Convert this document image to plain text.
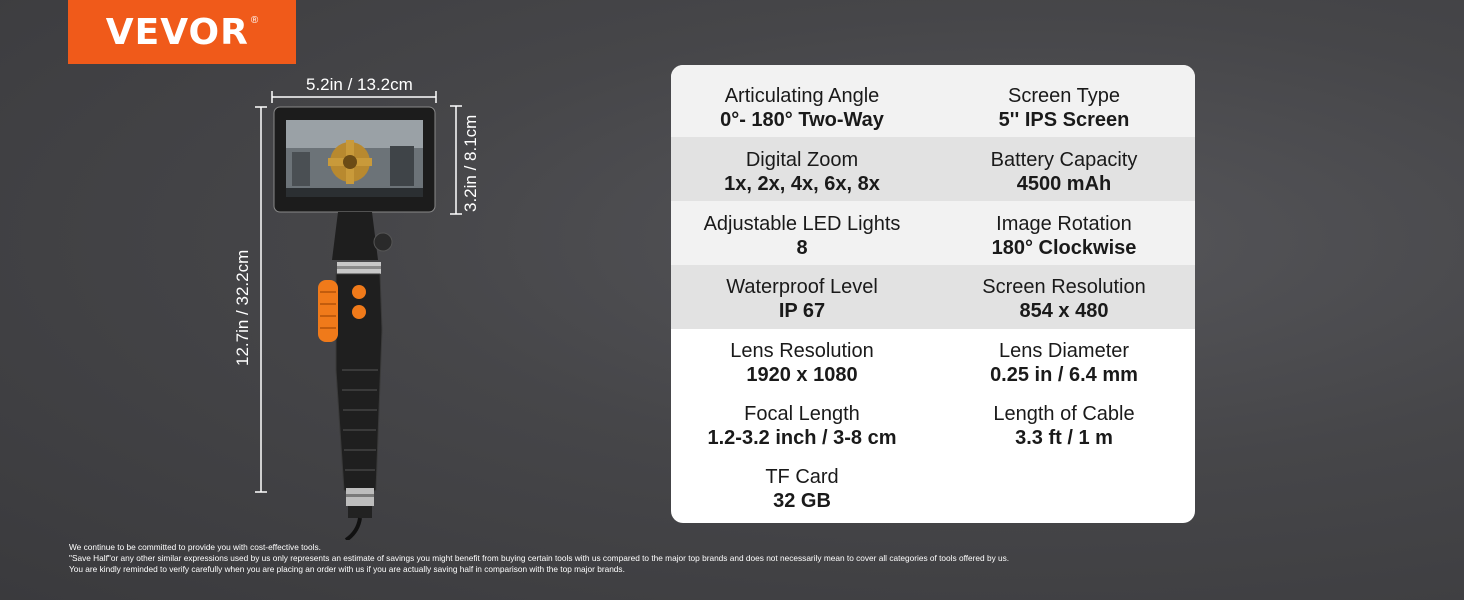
VEVOR ®
5.2in / 13.2cm
3.2in / 8.1cm
12.7in / 32.2cm
Articulating Angle
0°- 180° Two-Way
Screen Type
5'' IPS Screen
Digital Zoom
1x, 2x, 4x, 6x, 8x
Battery Capacity
4500 mAh
Adjustable LED Lights
8
Image Rotation
180° Clockwise
Waterproof Level
IP 67
Screen Resolution
854 x 480
Lens Resolution
1920 x 1080
Lens Diameter
0.25 in / 6.4 mm
Focal Length
1.2-3.2 inch / 3-8 cm
Length of Cable
3.3 ft / 1 m
TF Card
32 GB
We continue to be committed to provide you with cost-effective tools.
"Save Half"or any other similar expressions used by us only represents an estimate of savings you might benefit from buying certain tools with us compared to the major top brands and does not necessarily mean to cover all categories of tools offered by us.
You are kindly reminded to verify carefully when you are placing an order with us if you are actually saving half in comparison with the top major brands.
